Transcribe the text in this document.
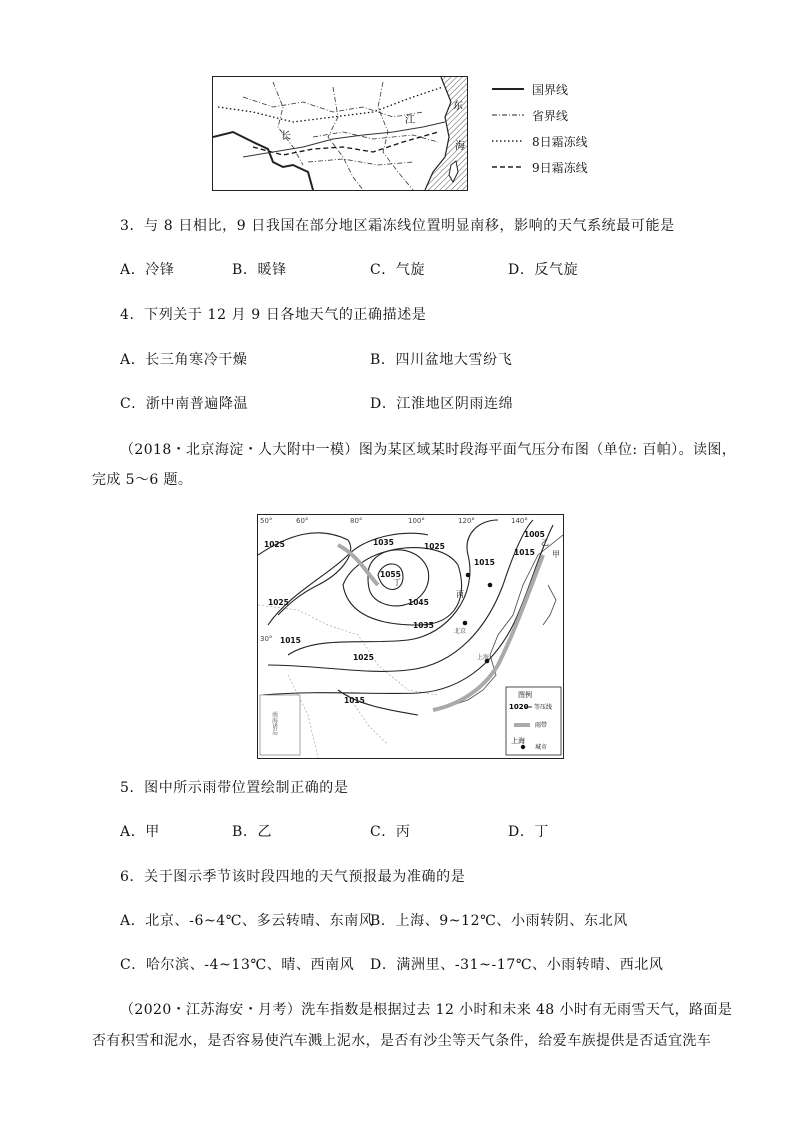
长
江
东
海
国界线
省界线
8日霜冻线
9日霜冻线
3．与 8 日相比，9 日我国在部分地区霜冻线位置明显南移，影响的天气系统最可能是
A．冷锋	B．暖锋	C．气旋	D．反气旋
4．下列关于 12 月 9 日各地天气的正确描述是
A．长三角寒冷干燥	B．四川盆地大雪纷飞
C．浙中南普遍降温	D．江淮地区阴雨连绵
（2018・北京海淀・人大附中一模）图为某区域某时段海平面气压分布图（单位: 百帕）。读图，
完成 5～6 题。
50°	60°	80°	100°	120°	140°
30°
1025	1035	1025
1055
1045
1035
1025
1015
1025
1015
1015
1005
1015
甲
乙
丙
丁
北京
上海
南海诸岛
图例
1020 等压线
雨带
上海
城市
5．图中所示雨带位置绘制正确的是
A．甲	B．乙	C．丙	D．丁
6．关于图示季节该时段四地的天气预报最为准确的是
A．北京、-6~4℃、多云转晴、东南风
B．上海、9~12℃、小雨转阴、东北风
C．哈尔滨、-4~13℃、晴、西南风 D．满洲里、-31~-17℃、小雨转晴、西北风
（2020・江苏海安・月考）洗车指数是根据过去 12 小时和未来 48 小时有无雨雪天气，路面是
否有积雪和泥水，是否容易使汽车溅上泥水，是否有沙尘等天气条件，给爱车族提供是否适宜洗车
